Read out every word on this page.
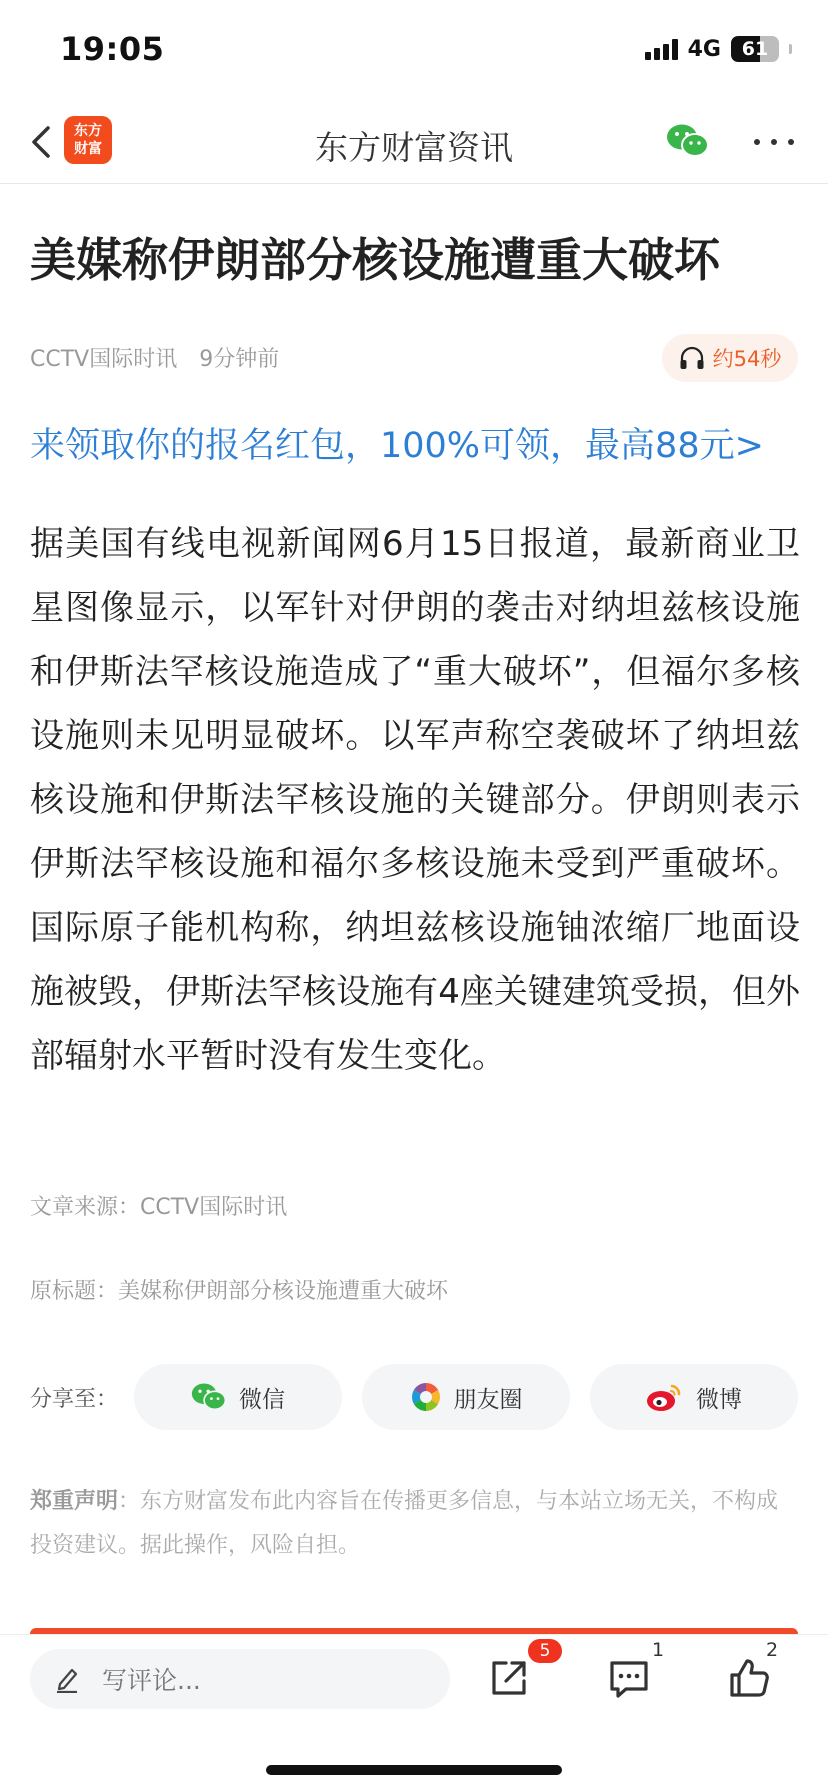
19:05	4G	61
东方
财富	东方财富资讯
美媒称伊朗部分核设施遭重大破坏
CCTV国际时讯 9分钟前	约54秒
来领取你的报名红包，100%可领，最高88元>
据美国有线电视新闻网6月15日报道，最新商业卫星图像显示，以军针对伊朗的袭击对纳坦兹核设施和伊斯法罕核设施造成了“重大破坏”，但福尔多核设施则未见明显破坏。以军声称空袭破坏了纳坦兹核设施和伊斯法罕核设施的关键部分。伊朗则表示伊斯法罕核设施和福尔多核设施未受到严重破坏。国际原子能机构称，纳坦兹核设施铀浓缩厂地面设施被毁，伊斯法罕核设施有4座关键建筑受损，但外部辐射水平暂时没有发生变化。
文章来源：CCTV国际时讯
原标题：美媒称伊朗部分核设施遭重大破坏
分享至：	微信	朋友圈	微博
郑重声明：东方财富发布此内容旨在传播更多信息，与本站立场无关，不构成投资建议。据此操作，风险自担。
写评论...
5	1	2
